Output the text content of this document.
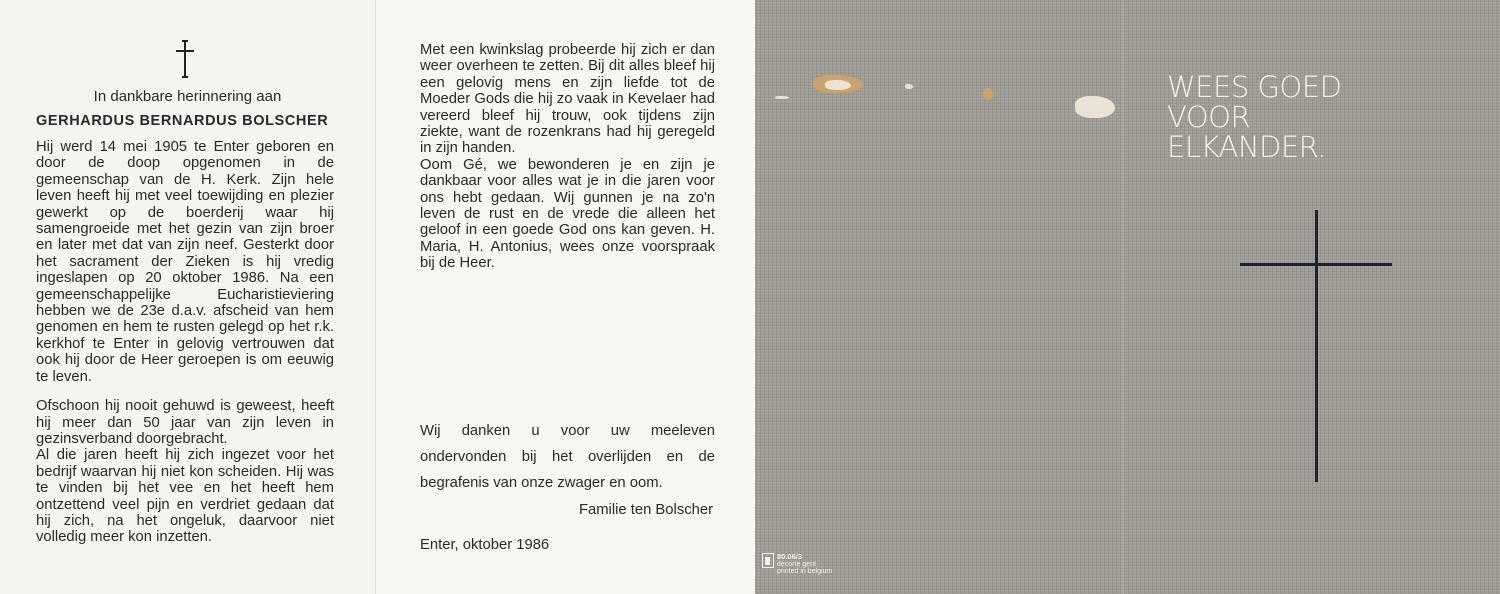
In dankbare herinnering aan
GERHARDUS BERNARDUS BOLSCHER

Hij werd 14 mei 1905 te Enter geboren en door de doop opgenomen in de gemeenschap van de H. Kerk. Zijn hele leven heeft hij met veel toewijding en plezier gewerkt op de boerderij waar hij samengroeide met het gezin van zijn broer en later met dat van zijn neef. Gesterkt door het sacrament der Zieken is hij vredig ingeslapen op 20 oktober 1986. Na een gemeenschappelijke Eucharistieviering hebben we de 23e d.a.v. afscheid van hem genomen en hem te rusten gelegd op het r.k. kerkhof te Enter in gelovig vertrouwen dat ook hij door de Heer geroepen is om eeuwig te leven.

Ofschoon hij nooit gehuwd is geweest, heeft hij meer dan 50 jaar van zijn leven in gezinsverband doorgebracht.

Al die jaren heeft hij zich ingezet voor het bedrijf waarvan hij niet kon scheiden. Hij was te vinden bij het vee en het heeft hem ontzettend veel pijn en verdriet gedaan dat hij zich, na het ongeluk, daarvoor niet volledig meer kon inzetten.

Met een kwinkslag probeerde hij zich er dan weer overheen te zetten. Bij dit alles bleef hij een gelovig mens en zijn liefde tot de Moeder Gods die hij zo vaak in Kevelaer had vereerd bleef hij trouw, ook tijdens zijn ziekte, want de rozenkrans had hij geregeld in zijn handen.

Oom Gé, we bewonderen je en zijn je dankbaar voor alles wat je in die jaren voor ons hebt gedaan. Wij gunnen je na zo'n leven de rust en de vrede die alleen het geloof in een goede God ons kan geven. H. Maria, H. Antonius, wees onze voorspraak bij de Heer.

Wij danken u voor uw meeleven ondervonden bij het overlijden en de begrafenis van onze zwager en oom.
Familie ten Bolscher
Enter, oktober 1986
WEES GOED
VOOR
ELKANDER.
80.06/3
decorte gent
printed in belgium
